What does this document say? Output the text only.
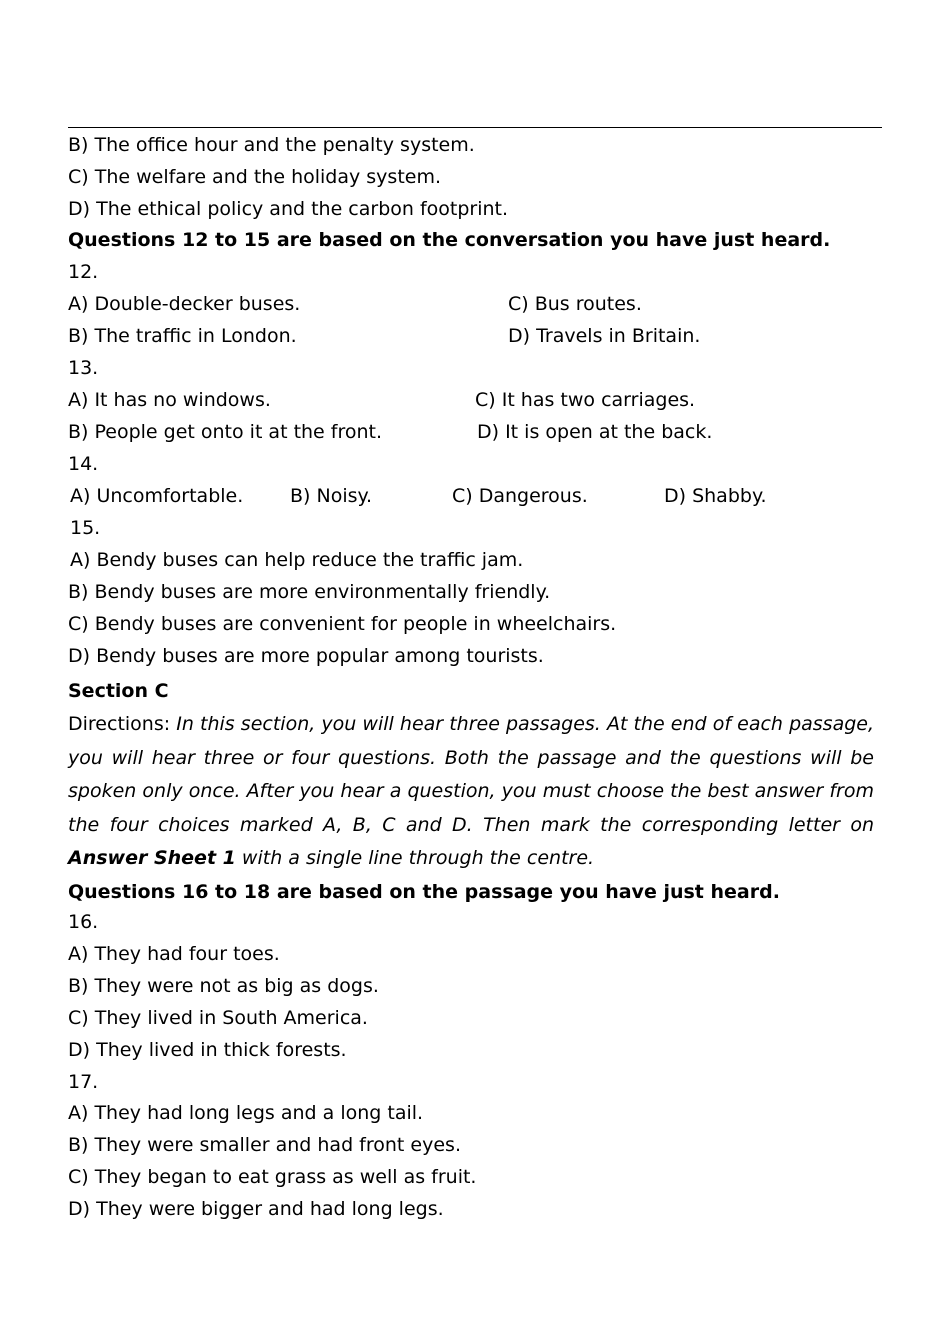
B) The office hour and the penalty system.
C) The welfare and the holiday system.
D) The ethical policy and the carbon footprint.
Questions 12 to 15 are based on the conversation you have just heard.
12.
A) Double-decker buses.	C) Bus routes.
B) The traffic in London.	D) Travels in Britain.
13.
A) It has no windows.	C) It has two carriages.
B) People get onto it at the front.	D) It is open at the back.
14.
A) Uncomfortable. B) Noisy.	C) Dangerous.	D) Shabby.
15.
A) Bendy buses can help reduce the traffic jam.
B) Bendy buses are more environmentally friendly.
C) Bendy buses are convenient for people in wheelchairs.
D) Bendy buses are more popular among tourists.
Section C
Directions: In this section, you will hear three passages. At the end of each passage, you will hear three or four questions. Both the passage and the questions will be spoken only once. After you hear a question, you must choose the best answer from the four choices marked A, B, C and D. Then mark the corresponding letter on Answer Sheet 1 with a single line through the centre.
Questions 16 to 18 are based on the passage you have just heard.
16.
A) They had four toes.
B) They were not as big as dogs.
C) They lived in South America.
D) They lived in thick forests.
17.
A) They had long legs and a long tail.
B) They were smaller and had front eyes.
C) They began to eat grass as well as fruit.
D) They were bigger and had long legs.
